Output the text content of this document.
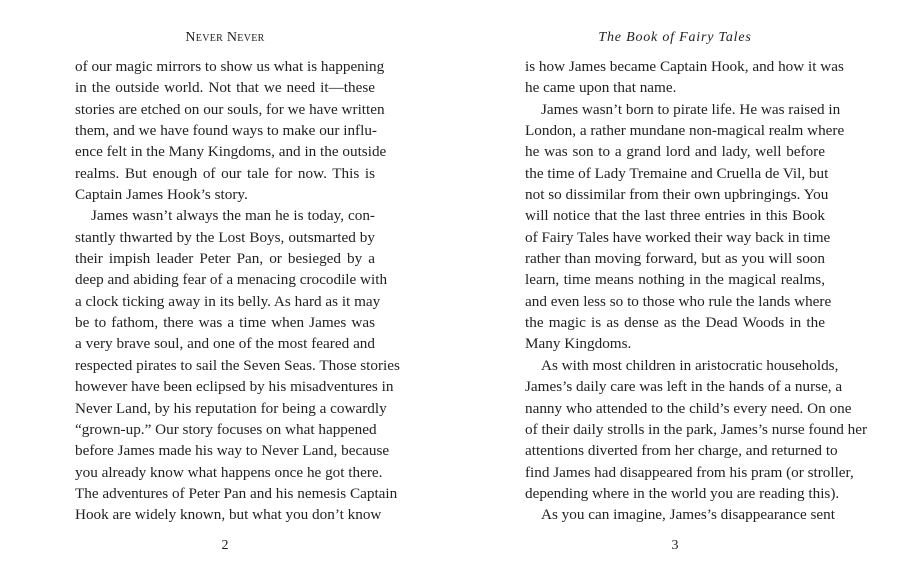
Never Never
of our magic mirrors to show us what is happening
in the outside world. Not that we need it—these
stories are etched on our souls, for we have written
them, and we have found ways to make our influ-
ence felt in the Many Kingdoms, and in the outside
realms. But enough of our tale for now. This is
Captain James Hook’s story.
James wasn’t always the man he is today, con-
stantly thwarted by the Lost Boys, outsmarted by
their impish leader Peter Pan, or besieged by a
deep and abiding fear of a menacing crocodile with
a clock ticking away in its belly. As hard as it may
be to fathom, there was a time when James was
a very brave soul, and one of the most feared and
respected pirates to sail the Seven Seas. Those stories
however have been eclipsed by his misadventures in
Never Land, by his reputation for being a cowardly
“grown-up.” Our story focuses on what happened
before James made his way to Never Land, because
you already know what happens once he got there.
The adventures of Peter Pan and his nemesis Captain
Hook are widely known, but what you don’t know
2
The Book of Fairy Tales
is how James became Captain Hook, and how it was
he came upon that name.
James wasn’t born to pirate life. He was raised in
London, a rather mundane non-magical realm where
he was son to a grand lord and lady, well before
the time of Lady Tremaine and Cruella de Vil, but
not so dissimilar from their own upbringings. You
will notice that the last three entries in this Book
of Fairy Tales have worked their way back in time
rather than moving forward, but as you will soon
learn, time means nothing in the magical realms,
and even less so to those who rule the lands where
the magic is as dense as the Dead Woods in the
Many Kingdoms.
As with most children in aristocratic households,
James’s daily care was left in the hands of a nurse, a
nanny who attended to the child’s every need. On one
of their daily strolls in the park, James’s nurse found her
attentions diverted from her charge, and returned to
find James had disappeared from his pram (or stroller,
depending where in the world you are reading this).
As you can imagine, James’s disappearance sent
3
